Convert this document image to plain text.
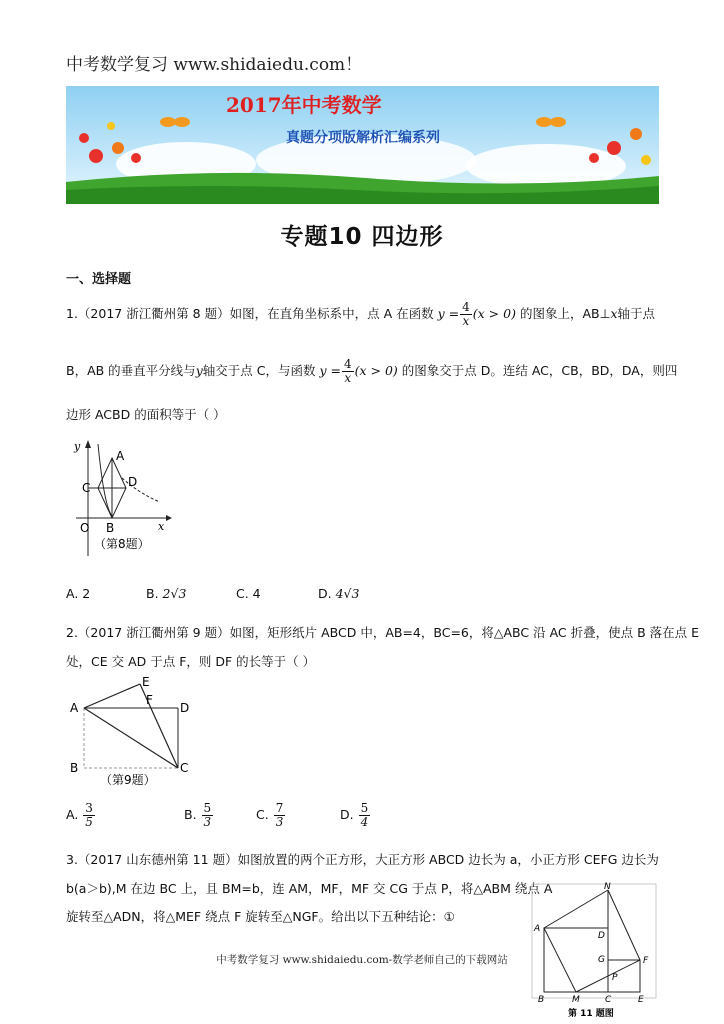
中考数学复习 www.shidaiedu.com！
2017年中考数学
真题分项版解析汇编系列
专题10 四边形
一、选择题
1.（2017 浙江衢州第 8 题）如图，在直角坐标系中，点 A 在函数 $y = \frac{4}{x} (x > 0)$ 的图象上，AB⊥x轴于点
B，AB 的垂直平分线与y轴交于点 C，与函数 $y = \frac{4}{x} (x > 0)$ 的图象交于点 D。连结 AC，CB，BD，DA，则四
边形 ACBD 的面积等于（ ）
y
A
C	D
O B	x
（第8题）
A. 2	B. 2√3	C. 4	D. 4√3
2.（2017 浙江衢州第 9 题）如图，矩形纸片 ABCD 中，AB=4，BC=6，将△ABC 沿 AC 折叠，使点 B 落在点 E
处，CE 交 AD 于点 F，则 DF 的长等于（ ）
A
B	C
D
E
F
（第9题）
A. $\frac{3}{5}$	B. $\frac{5}{3}$	C. $\frac{7}{3}$	D. $\frac{5}{4}$
3.（2017 山东德州第 11 题）如图放置的两个正方形，大正方形 ABCD 边长为 a，小正方形 CEFG 边长为
b(a＞b),M 在边 BC 上，且 BM=b，连 AM，MF，MF 交 CG 于点 P，将△ABM 绕点 A
旋转至△ADN，将△MEF 绕点 F 旋转至△NGF。给出以下五种结论：①
N
A
D
G	F
P
B	M	C	E
第 11 题图
中考数学复习 www.shidaiedu.com-数学老师自己的下载网站
